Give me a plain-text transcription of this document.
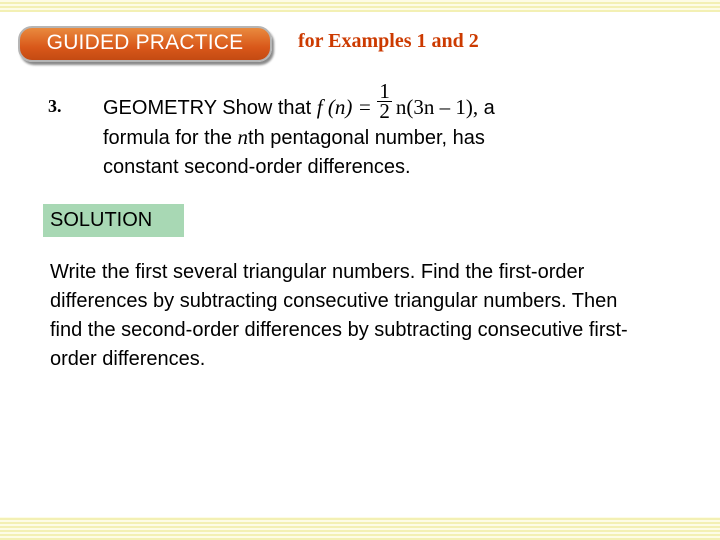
GUIDED PRACTICE	for Examples 1 and 2
3. GEOMETRY Show that f $(n) = \frac{1}{2} n(3n - 1)$, a
formula for the nth pentagonal number, has
constant second-order differences.
SOLUTION
Write the first several triangular numbers. Find the first-order differences by subtracting consecutive triangular numbers. Then find the second-order differences by subtracting consecutive first-order differences.
